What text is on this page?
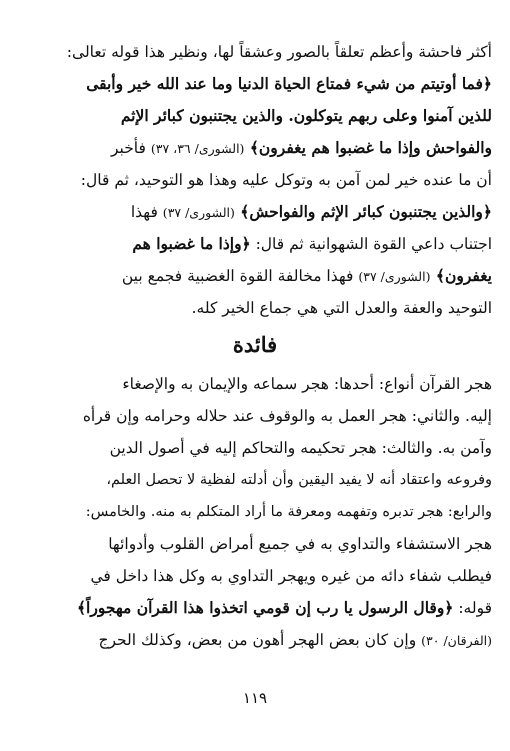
أكثر فاحشة وأعظم تعلقاً بالصور وعشقاً لها، ونظير هذا قوله تعالى:
﴿فما أوتيتم من شيء فمتاع الحياة الدنيا وما عند الله خير وأبقى
للذين آمنوا وعلى ربهم يتوكلون. والذين يجتنبون كبائر الإثم
والفواحش وإذا ما غضبوا هم يغفرون﴾ (الشورى/ ٣٦، ٣٧) فأخبر
أن ما عنده خير لمن آمن به وتوكل عليه وهذا هو التوحيد، ثم قال:
﴿والذين يجتنبون كبائر الإثم والفواحش﴾ (الشورى/ ٣٧) فهذا
اجتناب داعي القوة الشهوانية ثم قال: ﴿وإذا ما غضبوا هم
يغفرون﴾ (الشورى/ ٣٧) فهذا مخالفة القوة الغضبية فجمع بين
التوحيد والعفة والعدل التي هي جماع الخير كله.
فائدة
هجر القرآن أنواع: أحدها: هجر سماعه والإيمان به والإصغاء
إليه. والثاني: هجر العمل به والوقوف عند حلاله وحرامه وإن قرأه
وآمن به. والثالث: هجر تحكيمه والتحاكم إليه في أصول الدين
وفروعه واعتقاد أنه لا يفيد اليقين وأن أدلته لفظية لا تحصل العلم،
والرابع: هجر تدبره وتفهمه ومعرفة ما أراد المتكلم به منه. والخامس:
هجر الاستشفاء والتداوي به في جميع أمراض القلوب وأدوائها
فيطلب شفاء دائه من غيره ويهجر التداوي به وكل هذا داخل في
قوله: ﴿وقال الرسول يا رب إن قومي اتخذوا هذا القرآن مهجوراً﴾
(الفرقان/ ٣٠) وإن كان بعض الهجر أهون من بعض، وكذلك الحرج
١١٩
